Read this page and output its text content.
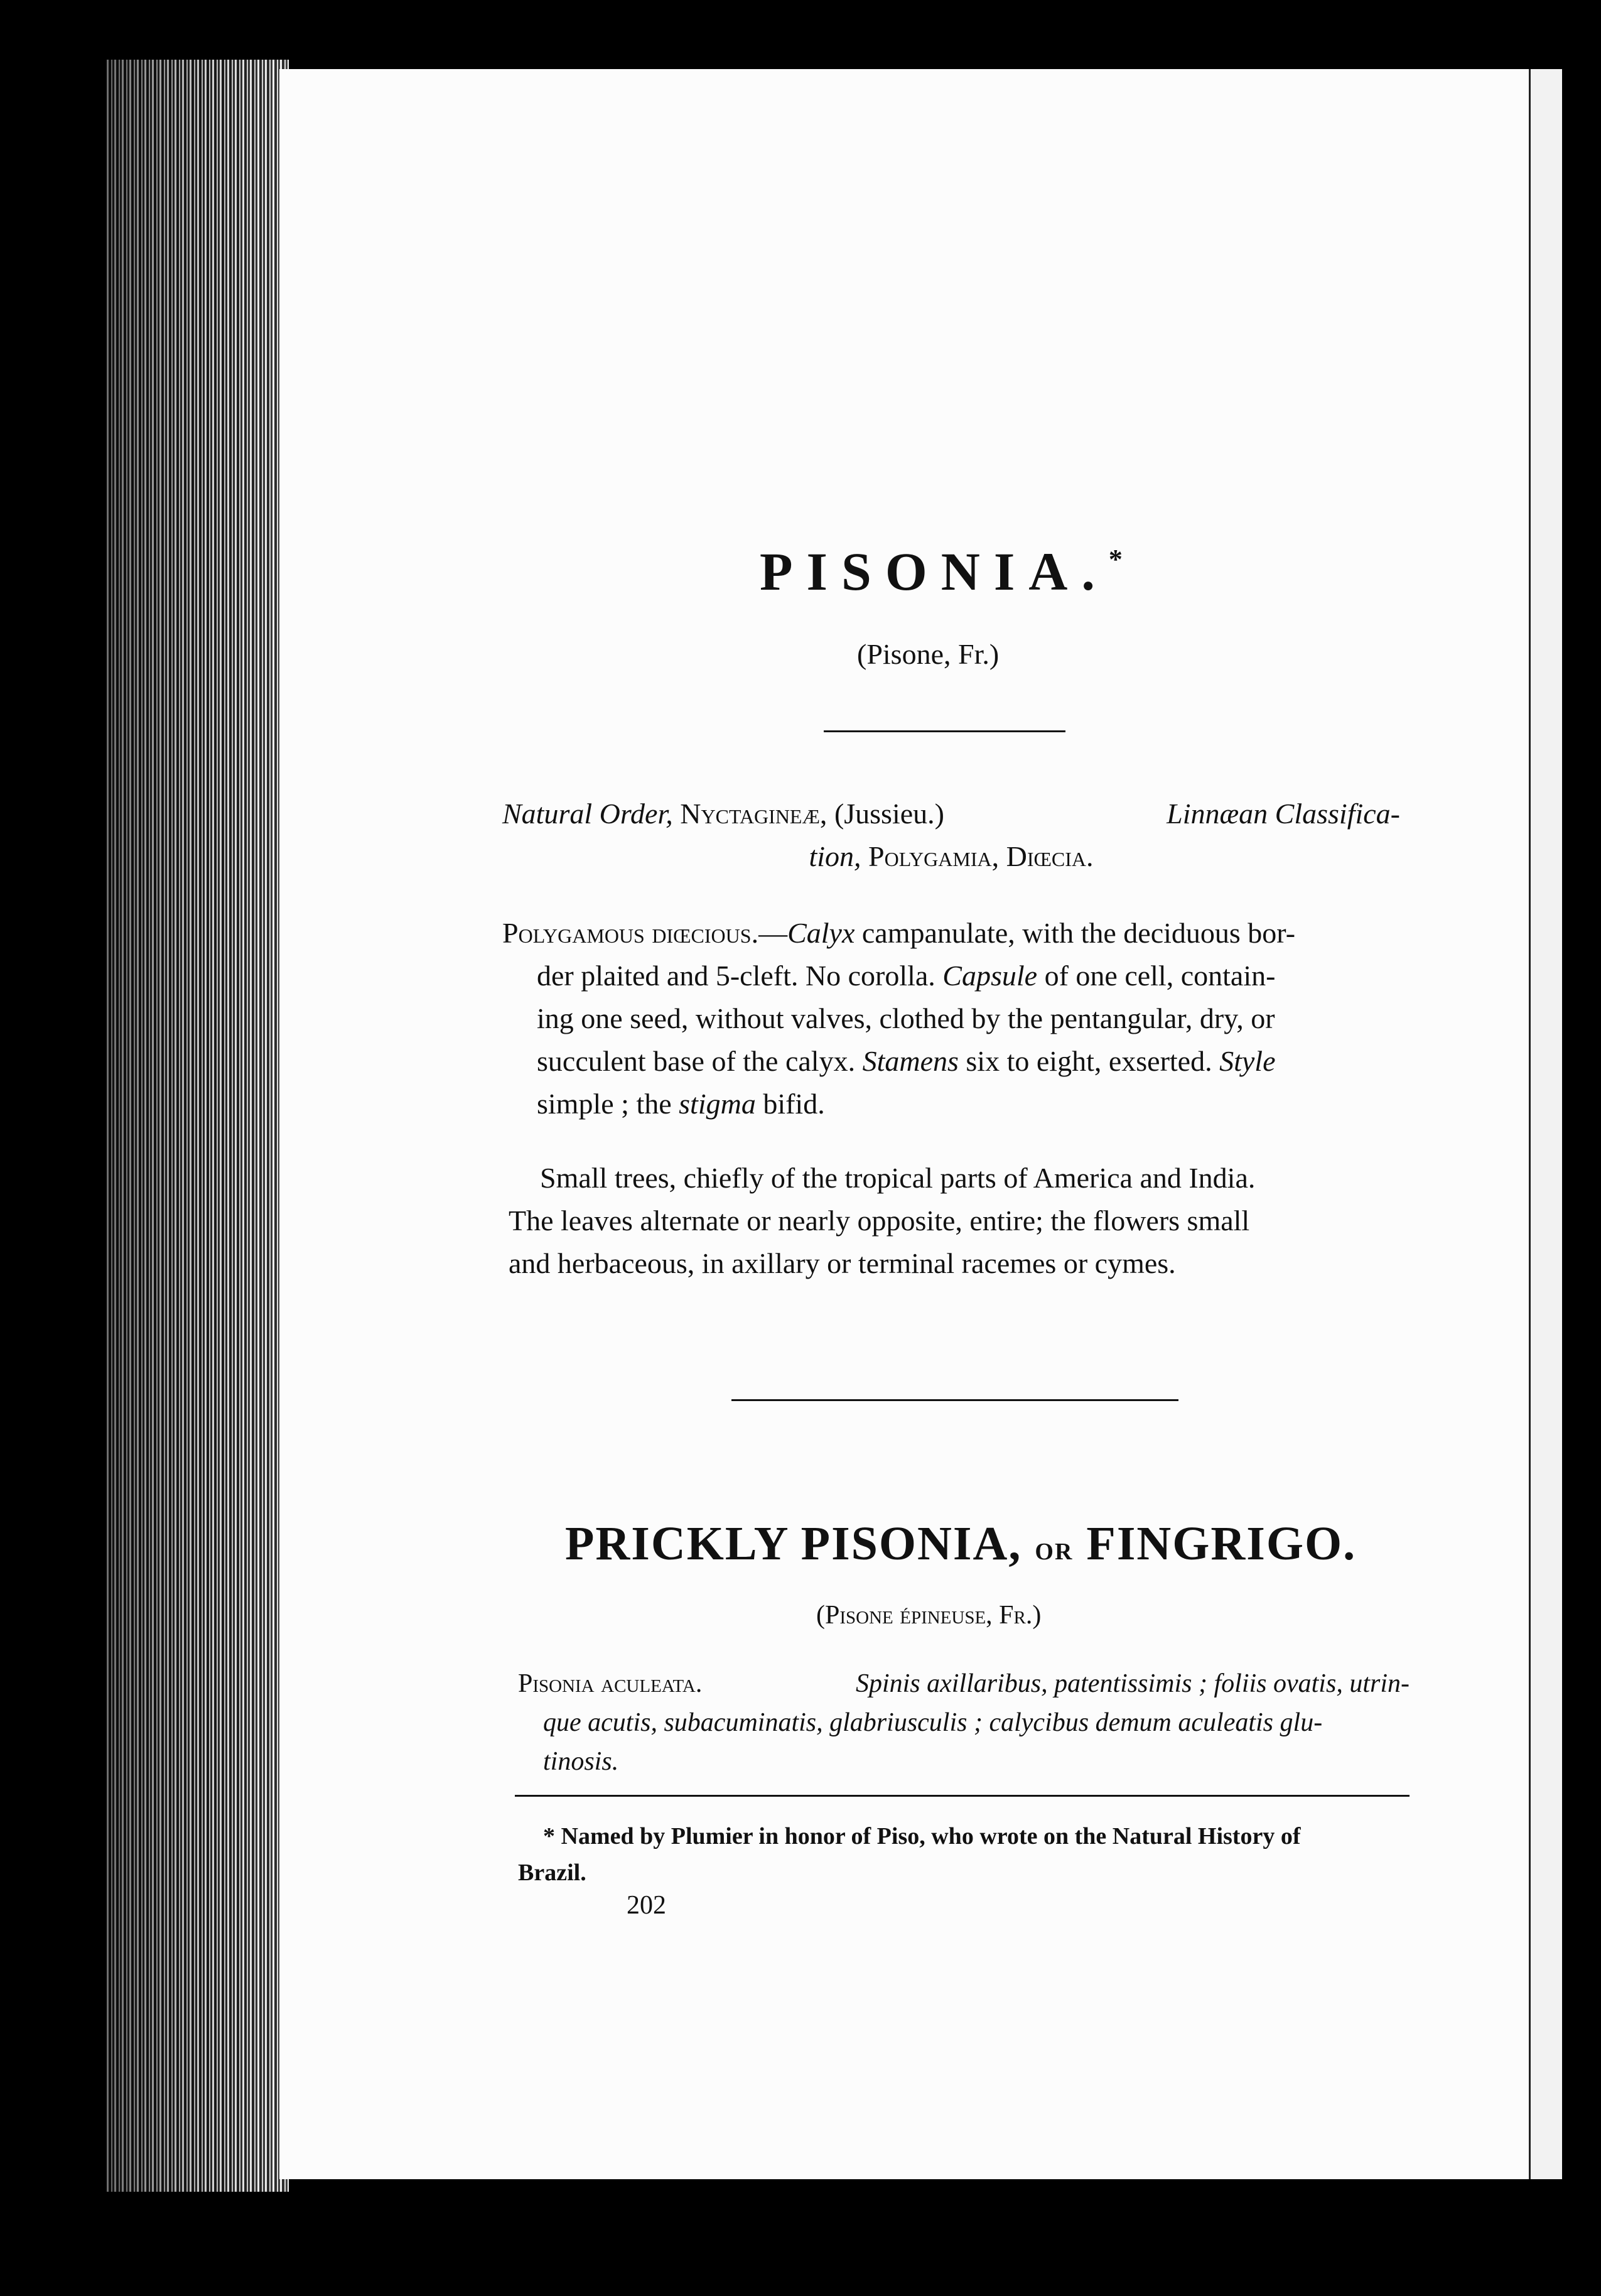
PISONIA.*
(Pisone, Fr.)
Natural Order, Nyctagineæ, (Jussieu.)	Linnæan Classifica-
tion, Polygamia, Diœcia.
Polygamous diœcious.—Calyx campanulate, with the deciduous bor-
der plaited and 5-cleft. No corolla. Capsule of one cell, contain-
ing one seed, without valves, clothed by the pentangular, dry, or
succulent base of the calyx. Stamens six to eight, exserted. Style
simple ; the stigma bifid.
Small trees, chiefly of the tropical parts of America and India.
The leaves alternate or nearly opposite, entire; the flowers small
and herbaceous, in axillary or terminal racemes or cymes.
PRICKLY PISONIA, or FINGRIGO.
(Pisone épineuse, Fr.)
Pisonia aculeata.	Spinis axillaribus, patentissimis ; foliis ovatis, utrin-
que acutis, subacuminatis, glabriusculis ; calycibus demum aculeatis glu-
tinosis.
* Named by Plumier in honor of Piso, who wrote on the Natural History of
Brazil.
202
